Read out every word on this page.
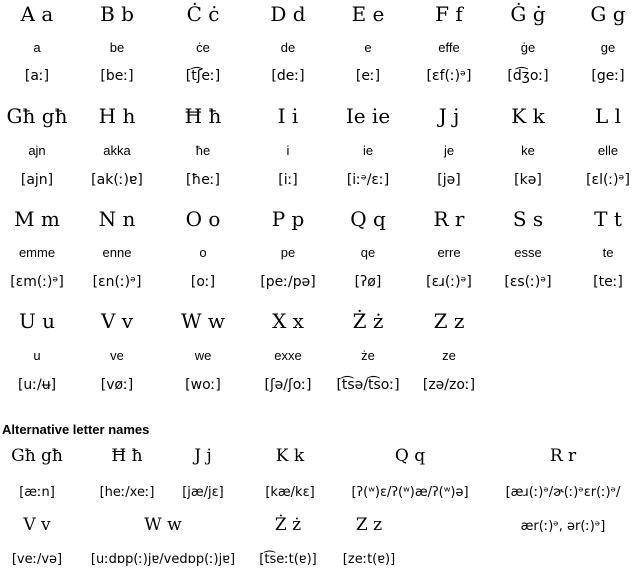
A a
a
[aː]
B b
be
[beː]
Ċ ċ
ċe
[t͡ʃeː]
D d
de
[deː]
E e
e
[eː]
F f
effe
[ɛf(ː)ᵊ]
Ġ ġ
ġe
[d͡ʒoː]
G g
ge
[geː]
Għ għ
ajn
[ajn]
H h
akka
[ak(ː)ɐ]
Ħ ħ
ħe
[ħeː]
I i
i
[iː]
Ie ie
ie
[iːᵊ/ɛː]
J j
je
[jə]
K k
ke
[kə]
L l
elle
[ɛl(ː)ᵊ]
M m
emme
[ɛm(ː)ᵊ]
N n
enne
[ɛn(ː)ᵊ]
O o
o
[oː]
P p
pe
[peː/pə]
Q q
qe
[ʔø]
R r
erre
[ɛɹ(ː)ᵊ]
S s
esse
[ɛs(ː)ᵊ]
T t
te
[teː]
U u
u
[uː/ʉ]
V v
ve
[vøː]
W w
we
[woː]
X x
exxe
[ʃə/ʃoː]
Ż ż
że
[t͡sə/t͡soː]
Z z
ze
[zə/zoː]
Alternative letter names
Għ għ
[æːn]
Ħ ħ
[heː/xeː]
J j
[jæ/jɛ]
K k
[kæ/kɛ]
Q q
[ʔ(ʷ)ɛ/ʔ(ʷ)æ/ʔ(ʷ)ə]
R r
[æɹ(ː)ᵊ/ɚ(ː)ᵊɛr(ː)ᵊ/
ær(ː)ᵊ, ər(ː)ᵊ]
V v
[veː/və]
W w
[uːdɒp(ː)jɐ/vedɒp(ː)jɐ]
Ż ż
[t͡seːt(ɐ)]
Z z
[zeːt(ɐ)]
